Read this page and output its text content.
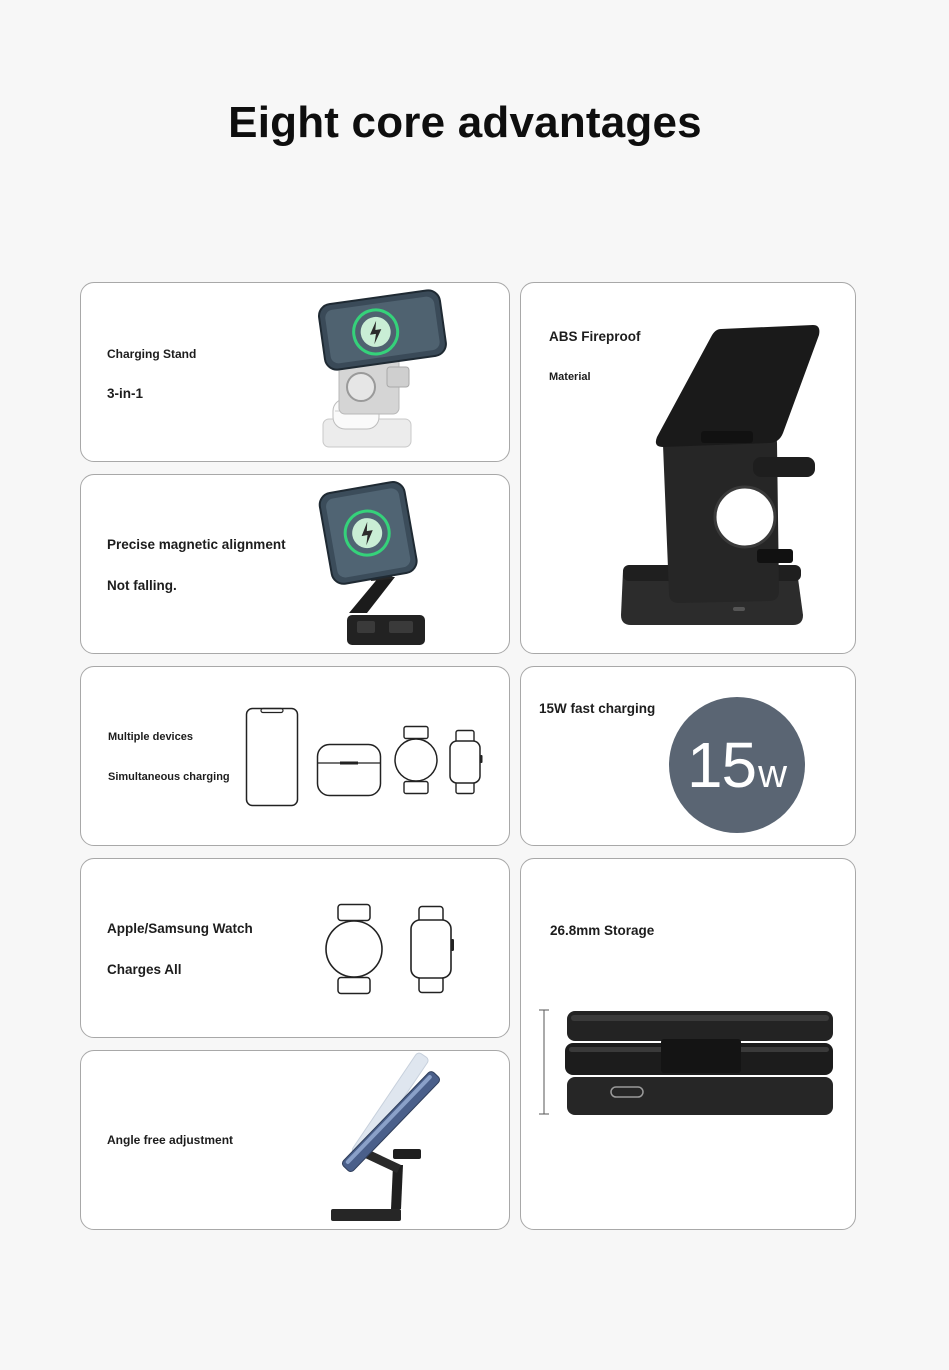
Eight core advantages
Charging Stand
3-in-1
ABS Fireproof
Material
Precise magnetic alignment
Not falling.
Multiple devices
Simultaneous charging
15W fast charging
15w
Apple/Samsung Watch
Charges All
26.8mm Storage
Angle free adjustment
